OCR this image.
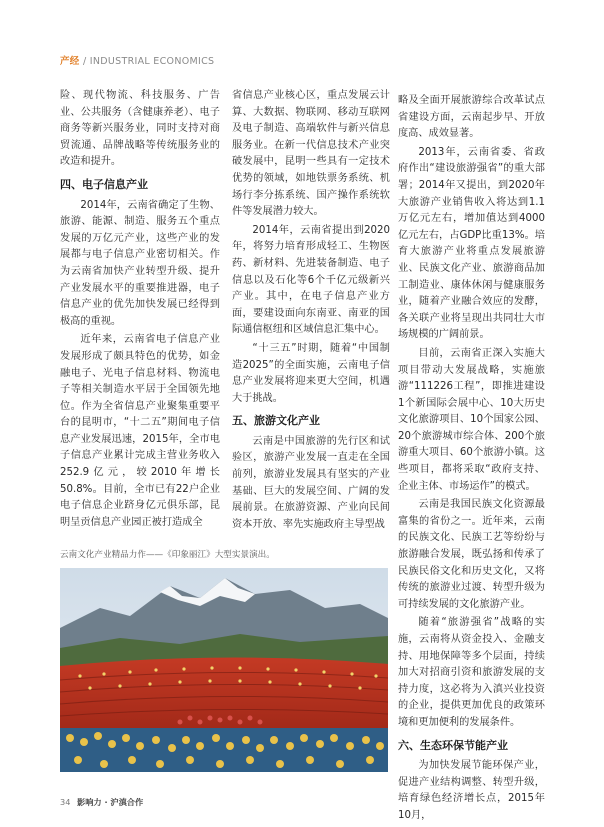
产经 / INDUSTRIAL ECONOMICS

险、现代物流、科技服务、广告业、公共服务（含健康养老）、电子商务等新兴服务业，同时支持对商贸流通、品牌战略等传统服务业的改造和提升。

四、电子信息产业

2014年，云南省确定了生物、旅游、能源、制造、服务五个重点发展的万亿元产业，这些产业的发展都与电子信息产业密切相关。作为云南省加快产业转型升级、提升产业发展水平的重要推进器，电子信息产业的优先加快发展已经得到极高的重视。

近年来，云南省电子信息产业发展形成了颇具特色的优势，如金融电子、光电子信息材料、物流电子等相关制造水平居于全国领先地位。作为全省信息产业聚集重要平台的昆明市，“十二五”期间电子信息产业发展迅速，2015年，全市电子信息产业累计完成主营业务收入252.9亿元，较2010年增长50.8%。目前，全市已有22户企业电子信息企业跻身亿元俱乐部，昆明呈贡信息产业园正被打造成全

省信息产业核心区，重点发展云计算、大数据、物联网、移动互联网及电子制造、高端软件与新兴信息服务业。在新一代信息技术产业突破发展中，昆明一些具有一定技术优势的领域，如地铁票务系统、机场行李分拣系统、国产操作系统软件等发展潜力较大。

2014年，云南省提出到2020年，将努力培育形成轻工、生物医药、新材料、先进装备制造、电子信息以及石化等6个千亿元级新兴产业。其中，在电子信息产业方面，要建设面向东南亚、南亚的国际通信枢纽和区域信息汇集中心。

“十三五”时期，随着“中国制造2025”的全面实施，云南电子信息产业发展将迎来更大空间，机遇大于挑战。

五、旅游文化产业

云南是中国旅游的先行区和试验区，旅游产业发展一直走在全国前列，旅游业发展具有坚实的产业基础、巨大的发展空间、广阔的发展前景。在旅游资源、产业向民间资本开放、率先实施政府主导型战

略及全面开展旅游综合改革试点省建设方面，云南起步早、开放度高、成效显著。

2013年，云南省委、省政府作出“建设旅游强省”的重大部署；2014年又提出，到2020年大旅游产业销售收入将达到1.1万亿元左右，增加值达到4000亿元左右，占GDP比重13%。培育大旅游产业将重点发展旅游业、民族文化产业、旅游商品加工制造业、康体休闲与健康服务业，随着产业融合效应的发酵，各关联产业将呈现出共同壮大市场规模的广阔前景。

目前，云南省正深入实施大项目带动大发展战略，实施旅游“111226工程”，即推进建设1个新国际会展中心、10大历史文化旅游项目、10个国家公园、20个旅游城市综合体、200个旅游重大项目、60个旅游小镇。这些项目，都将采取“政府支持、企业主体、市场运作”的模式。

云南是我国民族文化资源最富集的省份之一。近年来，云南的民族文化、民族工艺等纷纷与旅游融合发展，既弘扬和传承了民族民俗文化和历史文化，又将传统的旅游业过渡、转型升级为可持续发展的文化旅游产业。

随着“旅游强省”战略的实施，云南将从资金投入、金融支持、用地保障等多个层面，持续加大对招商引资和旅游发展的支持力度，这必将为入滇兴业投资的企业，提供更加优良的政策环境和更加便利的发展条件。

六、生态环保节能产业

为加快发展节能环保产业，促进产业结构调整、转型升级，培育绿色经济增长点，2015年10月，

云南文化产业精品力作——《印象丽江》大型实景演出。
34 影响力 · 沪滇合作
